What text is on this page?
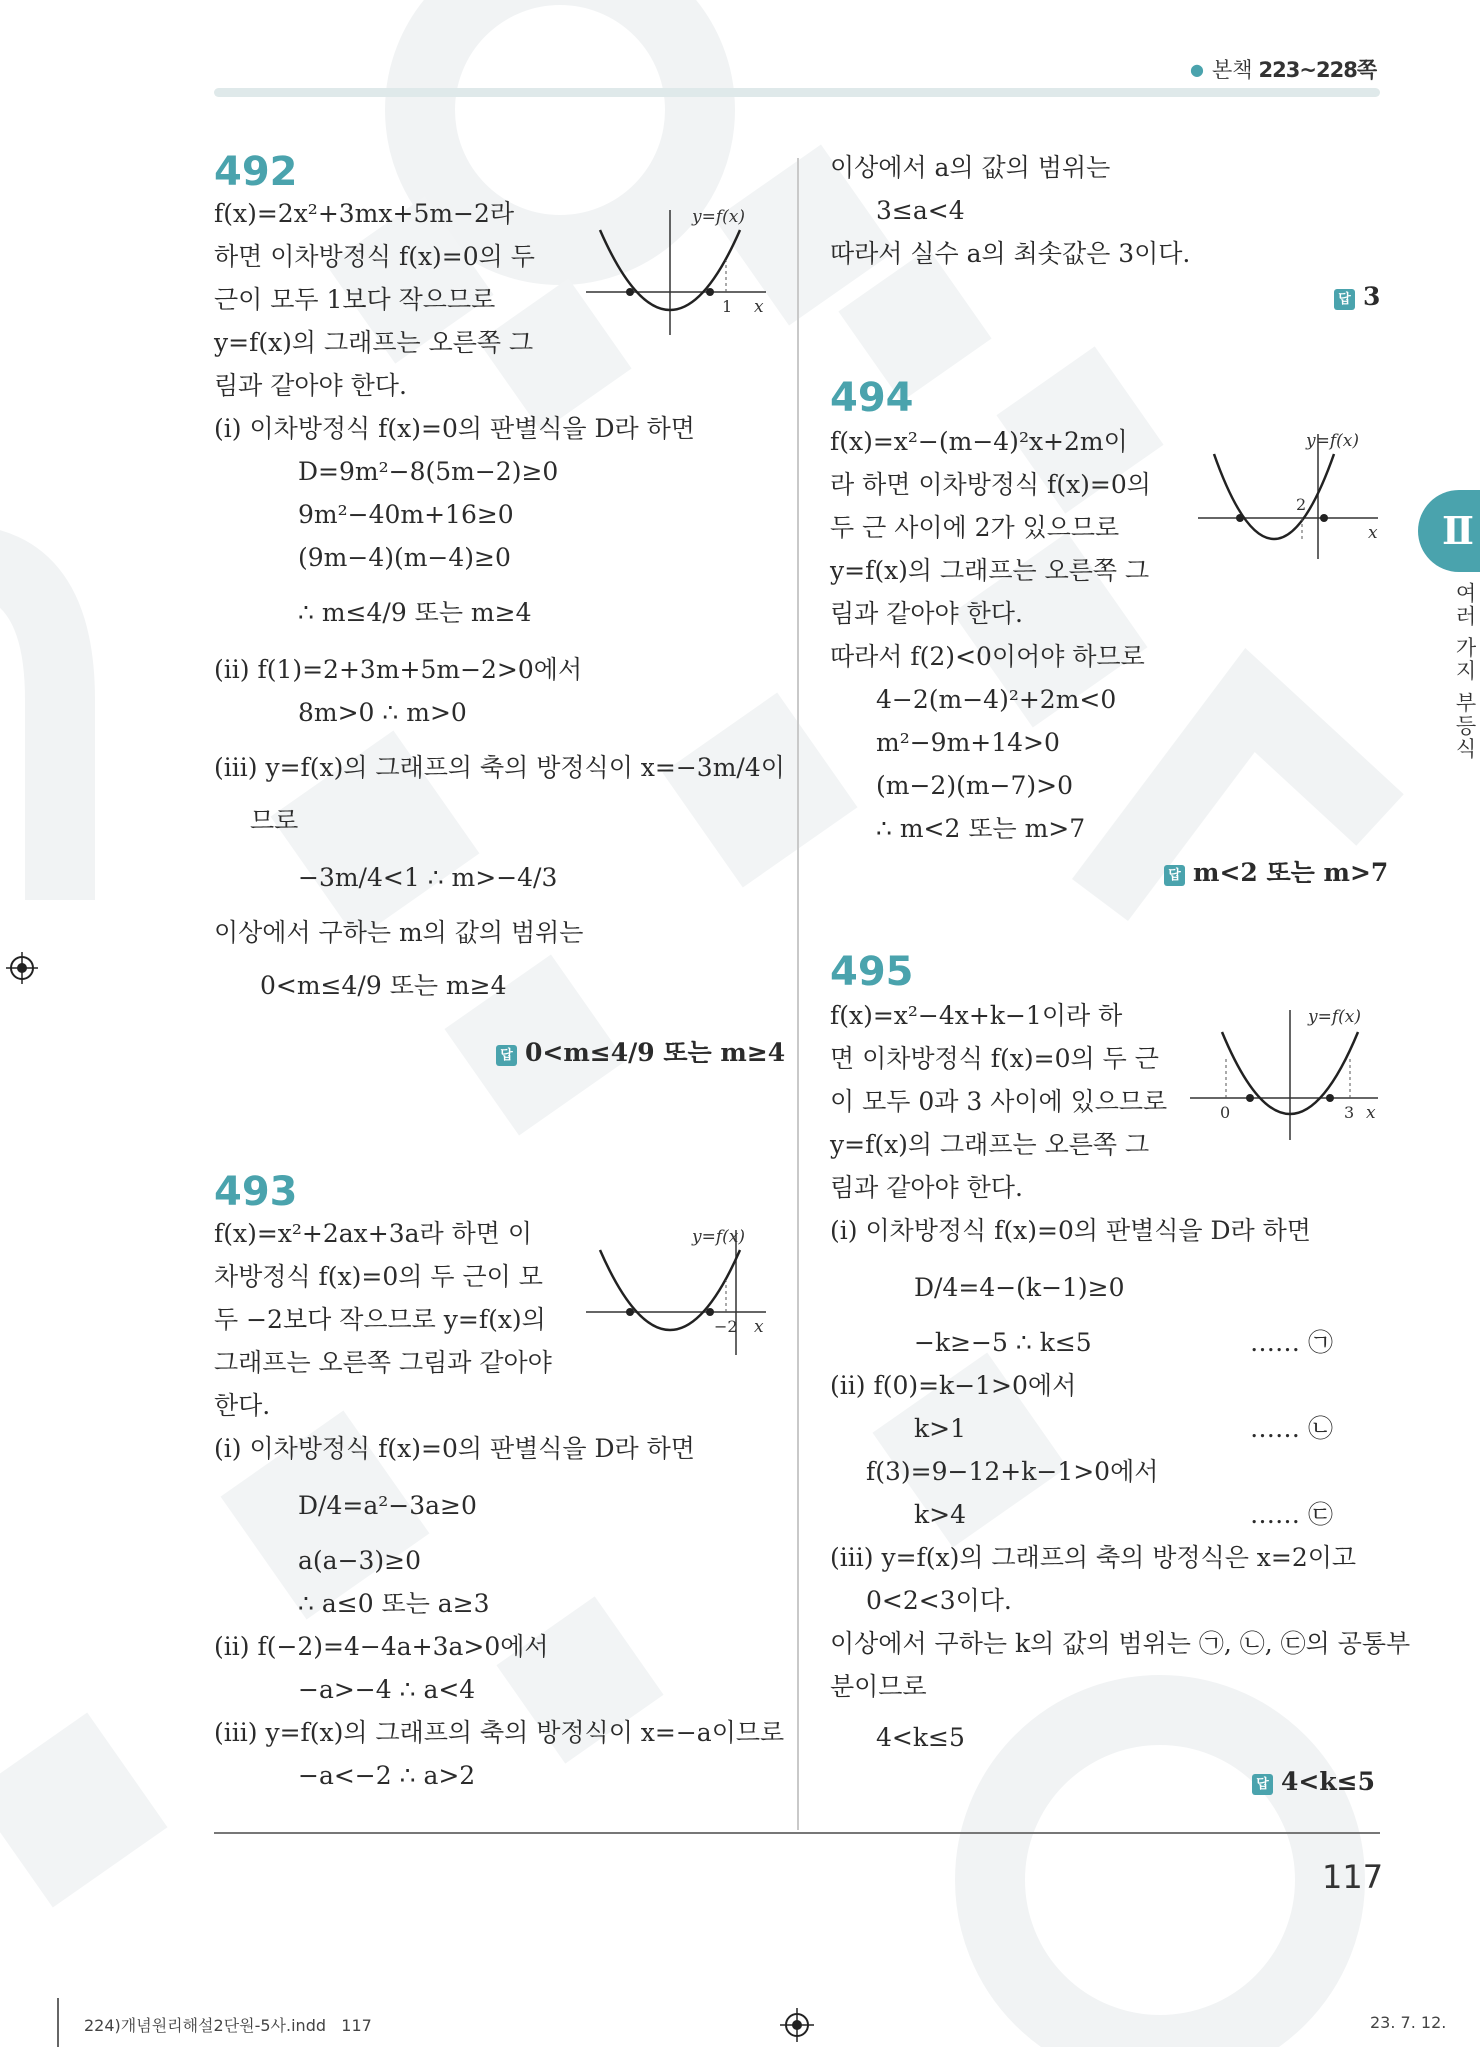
● 본책 223~228쪽
Ⅱ
여러 가지 부등식
492
f(x)=2x²+3mx+5m−2라
하면 이차방정식 f(x)=0의 두
근이 모두 1보다 작으므로
y=f(x)의 그래프는 오른쪽 그
림과 같아야 한다.
(ⅰ) 이차방정식 f(x)=0의 판별식을 D라 하면
D=9m²−8(5m−2)≥0
9m²−40m+16≥0
(9m−4)(m−4)≥0
∴ m≤4/9 또는 m≥4
(ⅱ) f(1)=2+3m+5m−2>0에서
8m>0 ∴ m>0
(ⅲ) y=f(x)의 그래프의 축의 방정식이 x=−3m/4이
므로
−3m/4<1 ∴ m>−4/3
이상에서 구하는 m의 값의 범위는
0<m≤4/9 또는 m≥4
답 0<m≤4/9 또는 m≥4
y=f(x)
x
1
493
f(x)=x²+2ax+3a라 하면 이
차방정식 f(x)=0의 두 근이 모
두 −2보다 작으므로 y=f(x)의
그래프는 오른쪽 그림과 같아야
한다.
(ⅰ) 이차방정식 f(x)=0의 판별식을 D라 하면
D/4=a²−3a≥0
a(a−3)≥0
∴ a≤0 또는 a≥3
(ⅱ) f(−2)=4−4a+3a>0에서
−a>−4 ∴ a<4
(ⅲ) y=f(x)의 그래프의 축의 방정식이 x=−a이므로
−a<−2 ∴ a>2
이상에서 a의 값의 범위는
3≤a<4
따라서 실수 a의 최솟값은 3이다.
답 3
y=f(x)
x
−2
494
f(x)=x²−(m−4)²x+2m이
라 하면 이차방정식 f(x)=0의
두 근 사이에 2가 있으므로
y=f(x)의 그래프는 오른쪽 그
림과 같아야 한다.
따라서 f(2)<0이어야 하므로
4−2(m−4)²+2m<0
m²−9m+14>0
(m−2)(m−7)>0
∴ m<2 또는 m>7
답 m<2 또는 m>7
y=f(x)
x
2
495
f(x)=x²−4x+k−1이라 하
면 이차방정식 f(x)=0의 두 근
이 모두 0과 3 사이에 있으므로
y=f(x)의 그래프는 오른쪽 그
림과 같아야 한다.
(ⅰ) 이차방정식 f(x)=0의 판별식을 D라 하면
D/4=4−(k−1)≥0
−k≥−5 ∴ k≤5
(ⅱ) f(0)=k−1>0에서
k>1
f(3)=9−12+k−1>0에서
k>4
(ⅲ) y=f(x)의 그래프의 축의 방정식은 x=2이고
0<2<3이다.
이상에서 구하는 k의 값의 범위는 ㉠, ㉡, ㉢의 공통부
분이므로
4<k≤5
…… ㉠
…… ㉡
…… ㉢
답 4<k≤5
y=f(x)
x
0	3
117
224)개념원리해설2단원-5사.indd   117	23. 7. 12.
